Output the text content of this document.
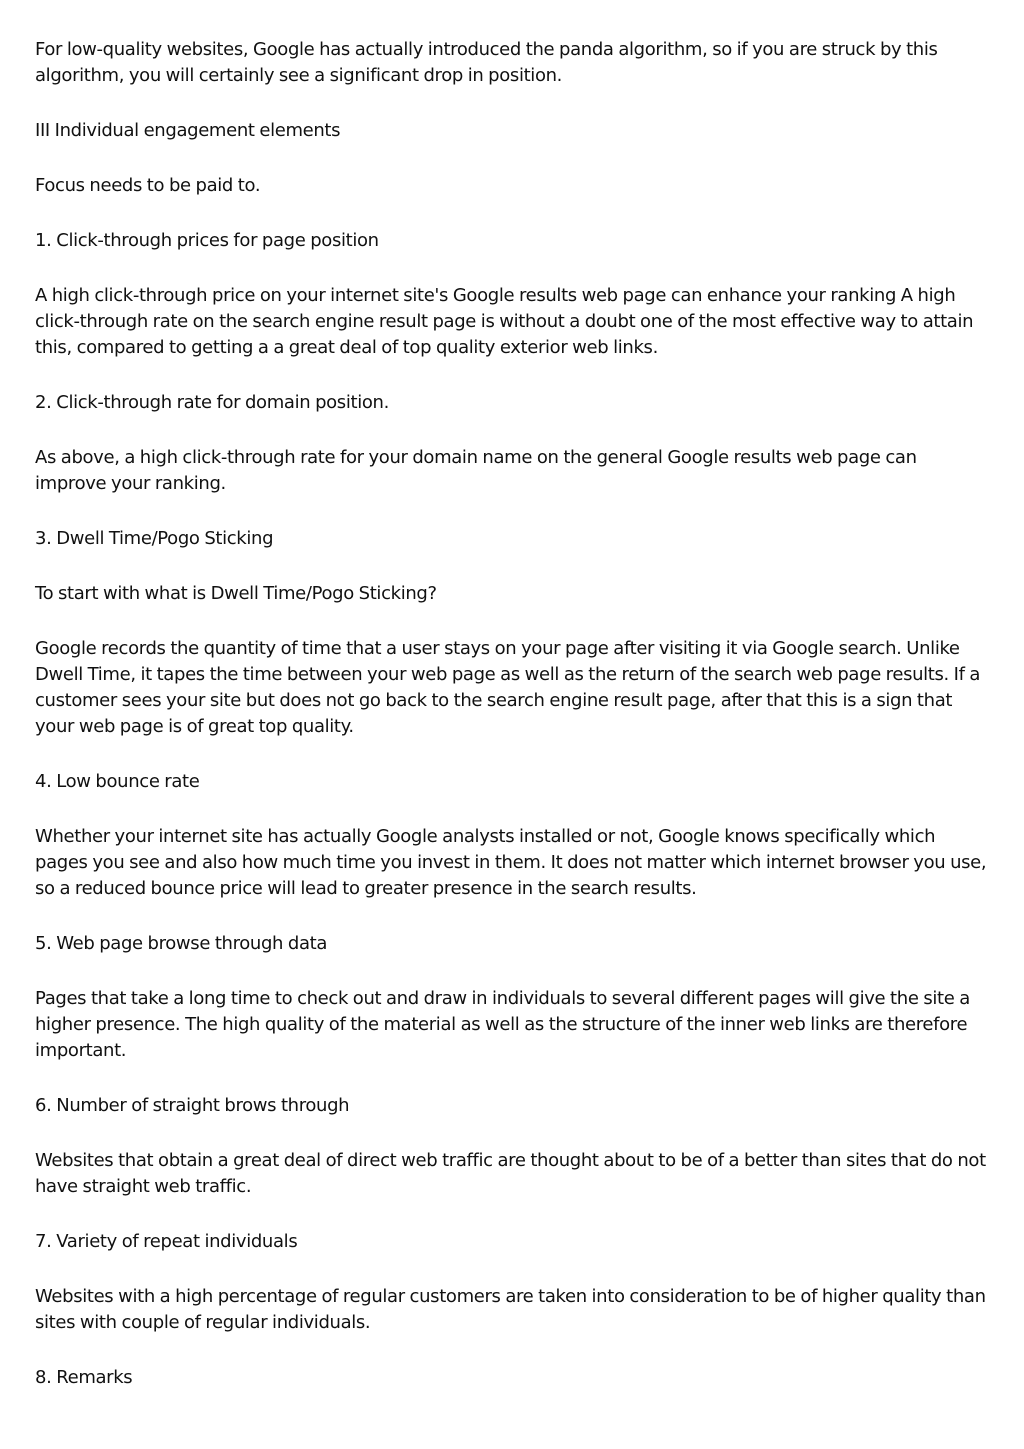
For low-quality websites, Google has actually introduced the panda algorithm, so if you are struck by this algorithm, you will certainly see a significant drop in position.

III Individual engagement elements

Focus needs to be paid to.

1. Click-through prices for page position

A high click-through price on your internet site's Google results web page can enhance your ranking A high click-through rate on the search engine result page is without a doubt one of the most effective way to attain this, compared to getting a a great deal of top quality exterior web links.

2. Click-through rate for domain position.

As above, a high click-through rate for your domain name on the general Google results web page can improve your ranking.

3. Dwell Time/Pogo Sticking

To start with what is Dwell Time/Pogo Sticking?

Google records the quantity of time that a user stays on your page after visiting it via Google search. Unlike Dwell Time, it tapes the time between your web page as well as the return of the search web page results. If a customer sees your site but does not go back to the search engine result page, after that this is a sign that your web page is of great top quality.

4. Low bounce rate

Whether your internet site has actually Google analysts installed or not, Google knows specifically which pages you see and also how much time you invest in them. It does not matter which internet browser you use, so a reduced bounce price will lead to greater presence in the search results.

5. Web page browse through data

Pages that take a long time to check out and draw in individuals to several different pages will give the site a higher presence. The high quality of the material as well as the structure of the inner web links are therefore important.

6. Number of straight brows through

Websites that obtain a great deal of direct web traffic are thought about to be of a better than sites that do not have straight web traffic.

7. Variety of repeat individuals

Websites with a high percentage of regular customers are taken into consideration to be of higher quality than sites with couple of regular individuals.

8. Remarks
